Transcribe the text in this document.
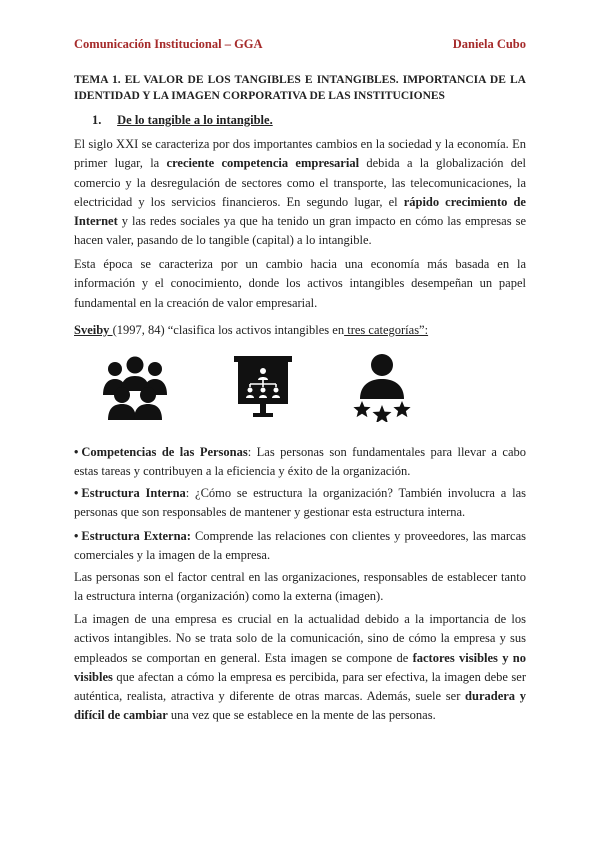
Comunicación Institucional – GGA	Daniela Cubo
TEMA 1. EL VALOR DE LOS TANGIBLES E INTANGIBLES. IMPORTANCIA DE LA IDENTIDAD Y LA IMAGEN CORPORATIVA DE LAS INSTITUCIONES
1. De lo tangible a lo intangible.

El siglo XXI se caracteriza por dos importantes cambios en la sociedad y la economía. En primer lugar, la creciente competencia empresarial debida a la globalización del comercio y la desregulación de sectores como el transporte, las telecomunicaciones, la electricidad y los servicios financieros. En segundo lugar, el rápido crecimiento de Internet y las redes sociales ya que ha tenido un gran impacto en cómo las empresas se hacen valer, pasando de lo tangible (capital) a lo intangible.

Esta época se caracteriza por un cambio hacia una economía más basada en la información y el conocimiento, donde los activos intangibles desempeñan un papel fundamental en la creación de valor empresarial.

Sveiby (1997, 84) “clasifica los activos intangibles en tres categorías”:

• Competencias de las Personas: Las personas son fundamentales para llevar a cabo estas tareas y contribuyen a la eficiencia y éxito de la organización.

• Estructura Interna: ¿Cómo se estructura la organización? También involucra a las personas que son responsables de mantener y gestionar esta estructura interna.

• Estructura Externa: Comprende las relaciones con clientes y proveedores, las marcas comerciales y la imagen de la empresa.

Las personas son el factor central en las organizaciones, responsables de establecer tanto la estructura interna (organización) como la externa (imagen).

La imagen de una empresa es crucial en la actualidad debido a la importancia de los activos intangibles. No se trata solo de la comunicación, sino de cómo la empresa y sus empleados se comportan en general. Esta imagen se compone de factores visibles y no visibles que afectan a cómo la empresa es percibida, para ser efectiva, la imagen debe ser auténtica, realista, atractiva y diferente de otras marcas. Además, suele ser duradera y difícil de cambiar una vez que se establece en la mente de las personas.
